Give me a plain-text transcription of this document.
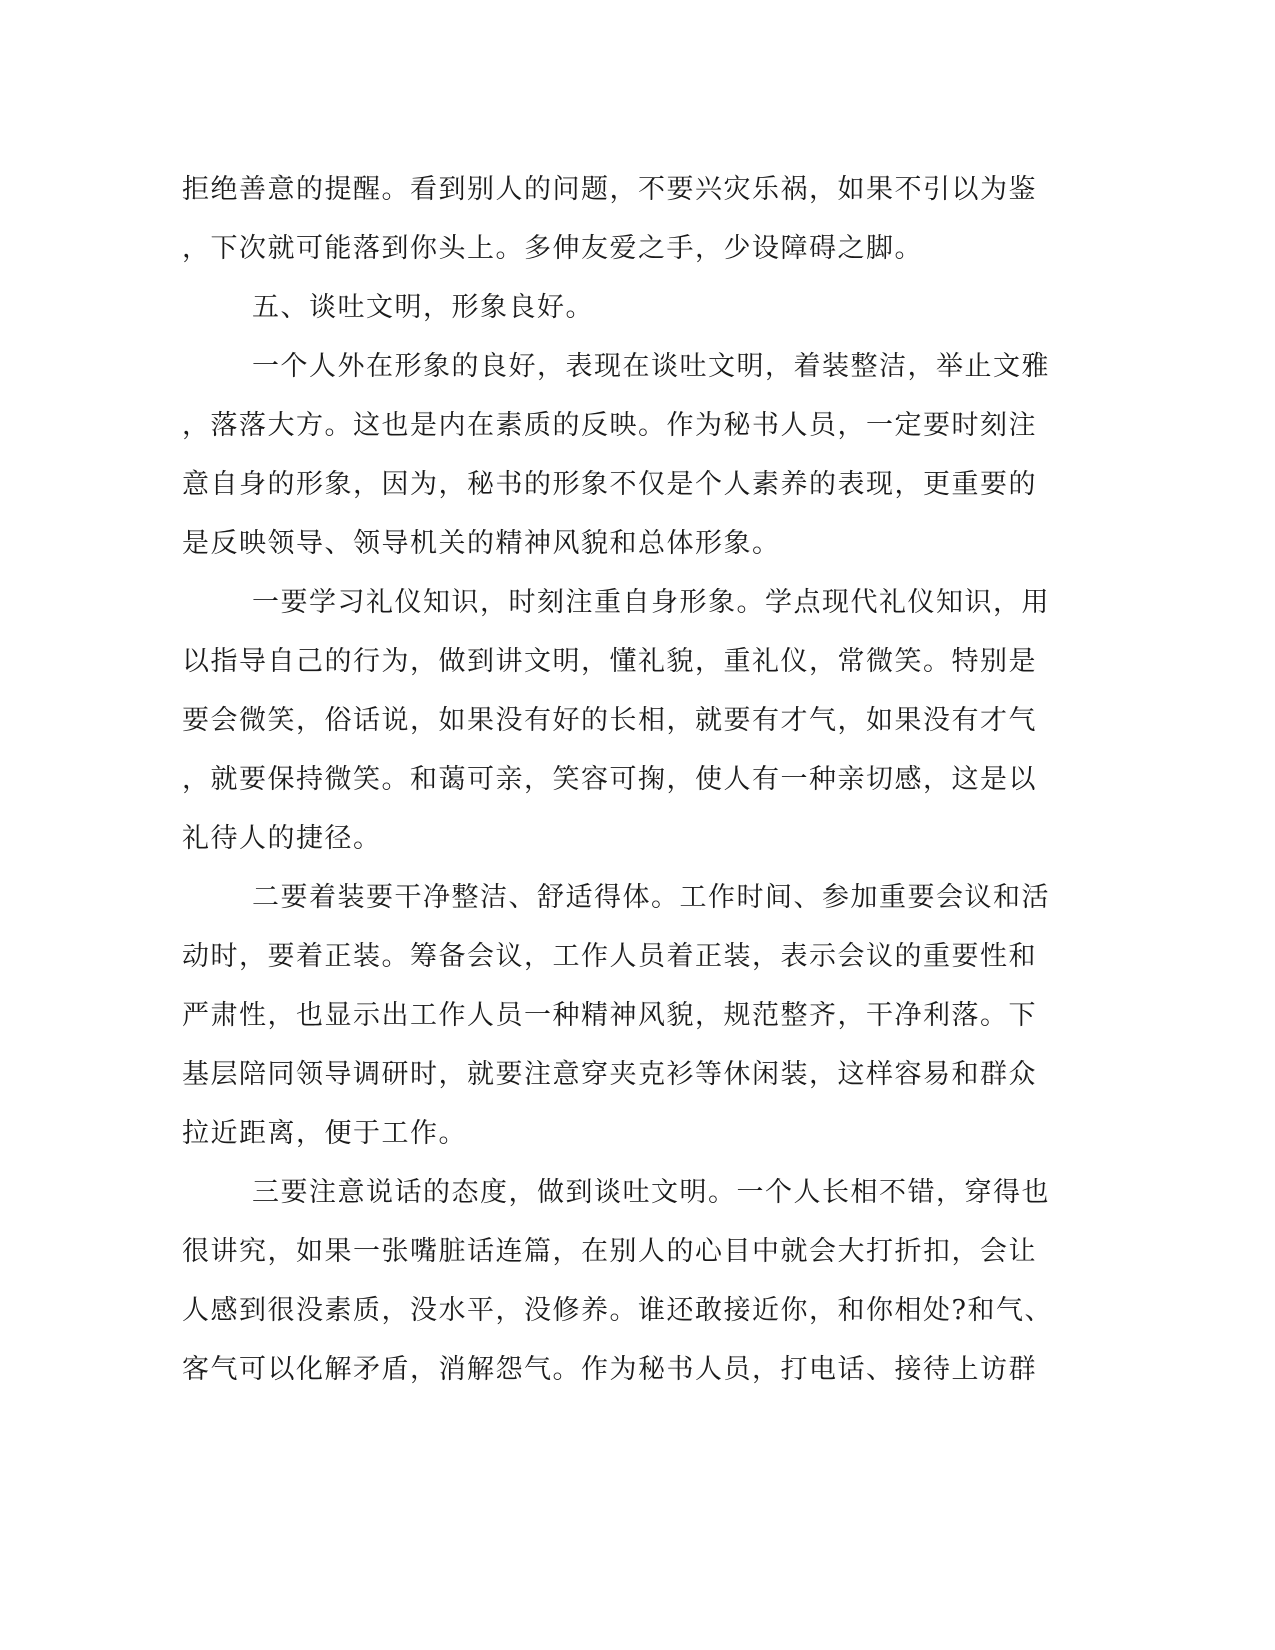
拒绝善意的提醒。看到别人的问题，不要兴灾乐祸，如果不引以为鉴

，下次就可能落到你头上。多伸友爱之手，少设障碍之脚。

五、谈吐文明，形象良好。

一个人外在形象的良好，表现在谈吐文明，着装整洁，举止文雅

，落落大方。这也是内在素质的反映。作为秘书人员，一定要时刻注

意自身的形象，因为，秘书的形象不仅是个人素养的表现，更重要的

是反映领导、领导机关的精神风貌和总体形象。

一要学习礼仪知识，时刻注重自身形象。学点现代礼仪知识，用

以指导自己的行为，做到讲文明，懂礼貌，重礼仪，常微笑。特别是

要会微笑，俗话说，如果没有好的长相，就要有才气，如果没有才气

，就要保持微笑。和蔼可亲，笑容可掬，使人有一种亲切感，这是以

礼待人的捷径。

二要着装要干净整洁、舒适得体。工作时间、参加重要会议和活

动时，要着正装。筹备会议，工作人员着正装，表示会议的重要性和

严肃性，也显示出工作人员一种精神风貌，规范整齐，干净利落。下

基层陪同领导调研时，就要注意穿夹克衫等休闲装，这样容易和群众

拉近距离，便于工作。

三要注意说话的态度，做到谈吐文明。一个人长相不错，穿得也

很讲究，如果一张嘴脏话连篇，在别人的心目中就会大打折扣，会让

人感到很没素质，没水平，没修养。谁还敢接近你，和你相处?和气、

客气可以化解矛盾，消解怨气。作为秘书人员，打电话、接待上访群
